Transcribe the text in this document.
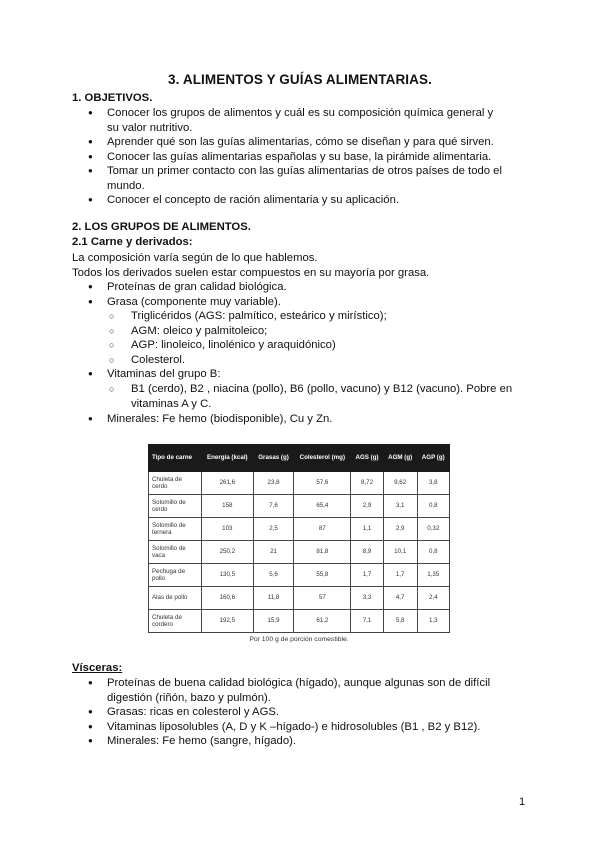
3. ALIMENTOS Y GUÍAS ALIMENTARIAS.
1. OBJETIVOS.
● Conocer los grupos de alimentos y cuál es su composición química general y su valor nutritivo.
● Aprender qué son las guías alimentarias, cómo se diseñan y para qué sirven.
● Conocer las guías alimentarias españolas y su base, la pirámide alimentaria.
● Tomar un primer contacto con las guías alimentarias de otros países de todo el mundo.
● Conocer el concepto de ración alimentaria y su aplicación.
2. LOS GRUPOS DE ALIMENTOS.
2.1 Carne y derivados:
La composición varía según de lo que hablemos.
Todos los derivados suelen estar compuestos en su mayoría por grasa.
● Proteínas de gran calidad biológica.
● Grasa (componente muy variable).
○ Triglicéridos (AGS: palmítico, esteárico y mirístico);
○ AGM: oleico y palmitoleico;
○ AGP: linoleico, linolénico y araquidónico)
○ Colesterol.
● Vitaminas del grupo B:
○ B1 (cerdo), B2 , niacina (pollo), B6 (pollo, vacuno) y B12 (vacuno). Pobre en vitaminas A y C.
● Minerales: Fe hemo (biodisponible), Cu y Zn.
Tipo de carne	Energía (kcal)	Grasas (g)	Colesterol (mg)	AGS (g)	AGM (g)	AGP (g)
Chuleta de cerdo	261,6	23,8	57,6	8,72	9,62	3,8
Solomillo de cerdo	158	7,6	65,4	2,9	3,1	0,8
Solomillo de ternera	103	2,5	87	1,1	2,9	0,32
Solomillo de vaca	250,2	21	81,8	8,9	10,1	0,8
Pechuga de pollo	130,5	5,6	55,8	1,7	1,7	1,35
Alas de pollo	160,6	11,8	57	3,3	4,7	2,4
Chuleta de cordero	192,5	15,9	61,2	7,1	5,8	1,3
Por 100 g de porción comestible.
Vísceras:
● Proteínas de buena calidad biológica (hígado), aunque algunas son de difícil digestión (riñón, bazo y pulmón).
● Grasas: ricas en colesterol y AGS.
● Vitaminas liposolubles (A, D y K –hígado-) e hidrosolubles (B1 , B2 y B12).
● Minerales: Fe hemo (sangre, hígado).
1
